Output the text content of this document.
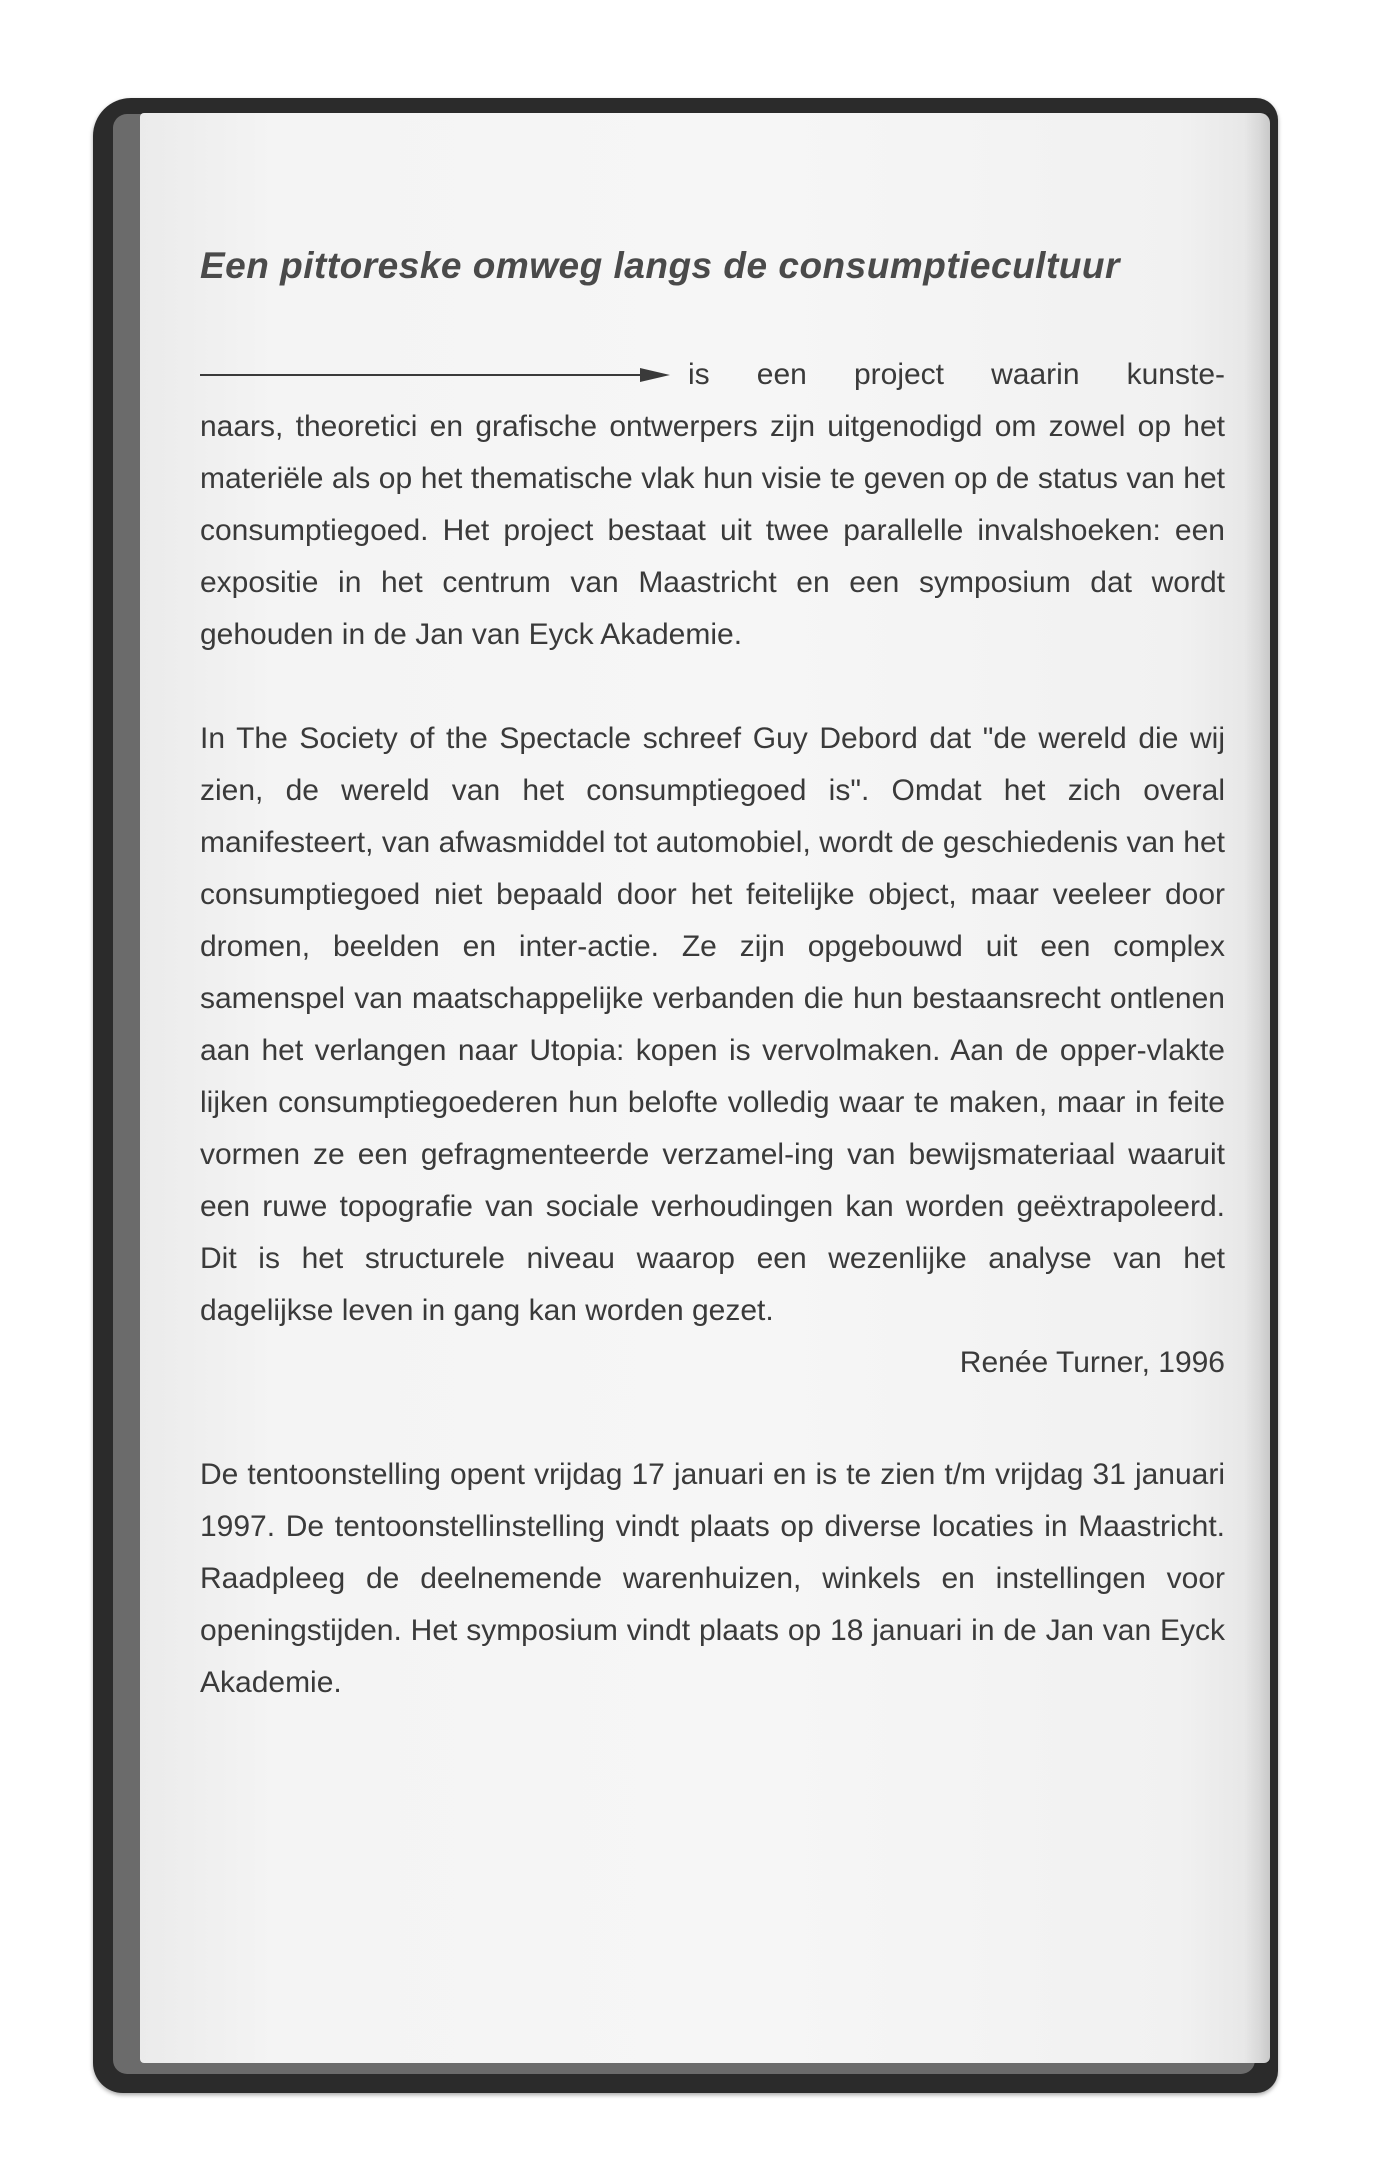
Een pittoreske omweg langs de consumptiecultuur
is een project waarin kunste-

naars, theoretici en grafische ontwerpers zijn uitgenodigd om zowel op het materiële als op het thematische vlak hun visie te geven op de status van het consumptiegoed. Het project bestaat uit twee parallelle invalshoeken: een expositie in het centrum van Maastricht en een symposium dat wordt gehouden in de Jan van Eyck Akademie.

In The Society of the Spectacle schreef Guy Debord dat "de wereld die wij zien, de wereld van het consumptiegoed is". Omdat het zich overal manifesteert, van afwasmiddel tot automobiel, wordt de geschiedenis van het consumptiegoed niet bepaald door het feitelijke object, maar veeleer door dromen, beelden en inter-actie. Ze zijn opgebouwd uit een complex samenspel van maatschappelijke verbanden die hun bestaansrecht ontlenen aan het verlangen naar Utopia: kopen is vervolmaken. Aan de opper-vlakte lijken consumptiegoederen hun belofte volledig waar te maken, maar in feite vormen ze een gefragmenteerde verzamel-ing van bewijsmateriaal waaruit een ruwe topografie van sociale verhoudingen kan worden geëxtrapoleerd. Dit is het structurele niveau waarop een wezenlijke analyse van het dagelijkse leven in gang kan worden gezet.

Renée Turner, 1996

De tentoonstelling opent vrijdag 17 januari en is te zien t/m vrijdag 31 januari 1997. De tentoonstellinstelling vindt plaats op diverse locaties in Maastricht. Raadpleeg de deelnemende warenhuizen, winkels en instellingen voor openingstijden. Het symposium vindt plaats op 18 januari in de Jan van Eyck Akademie.
